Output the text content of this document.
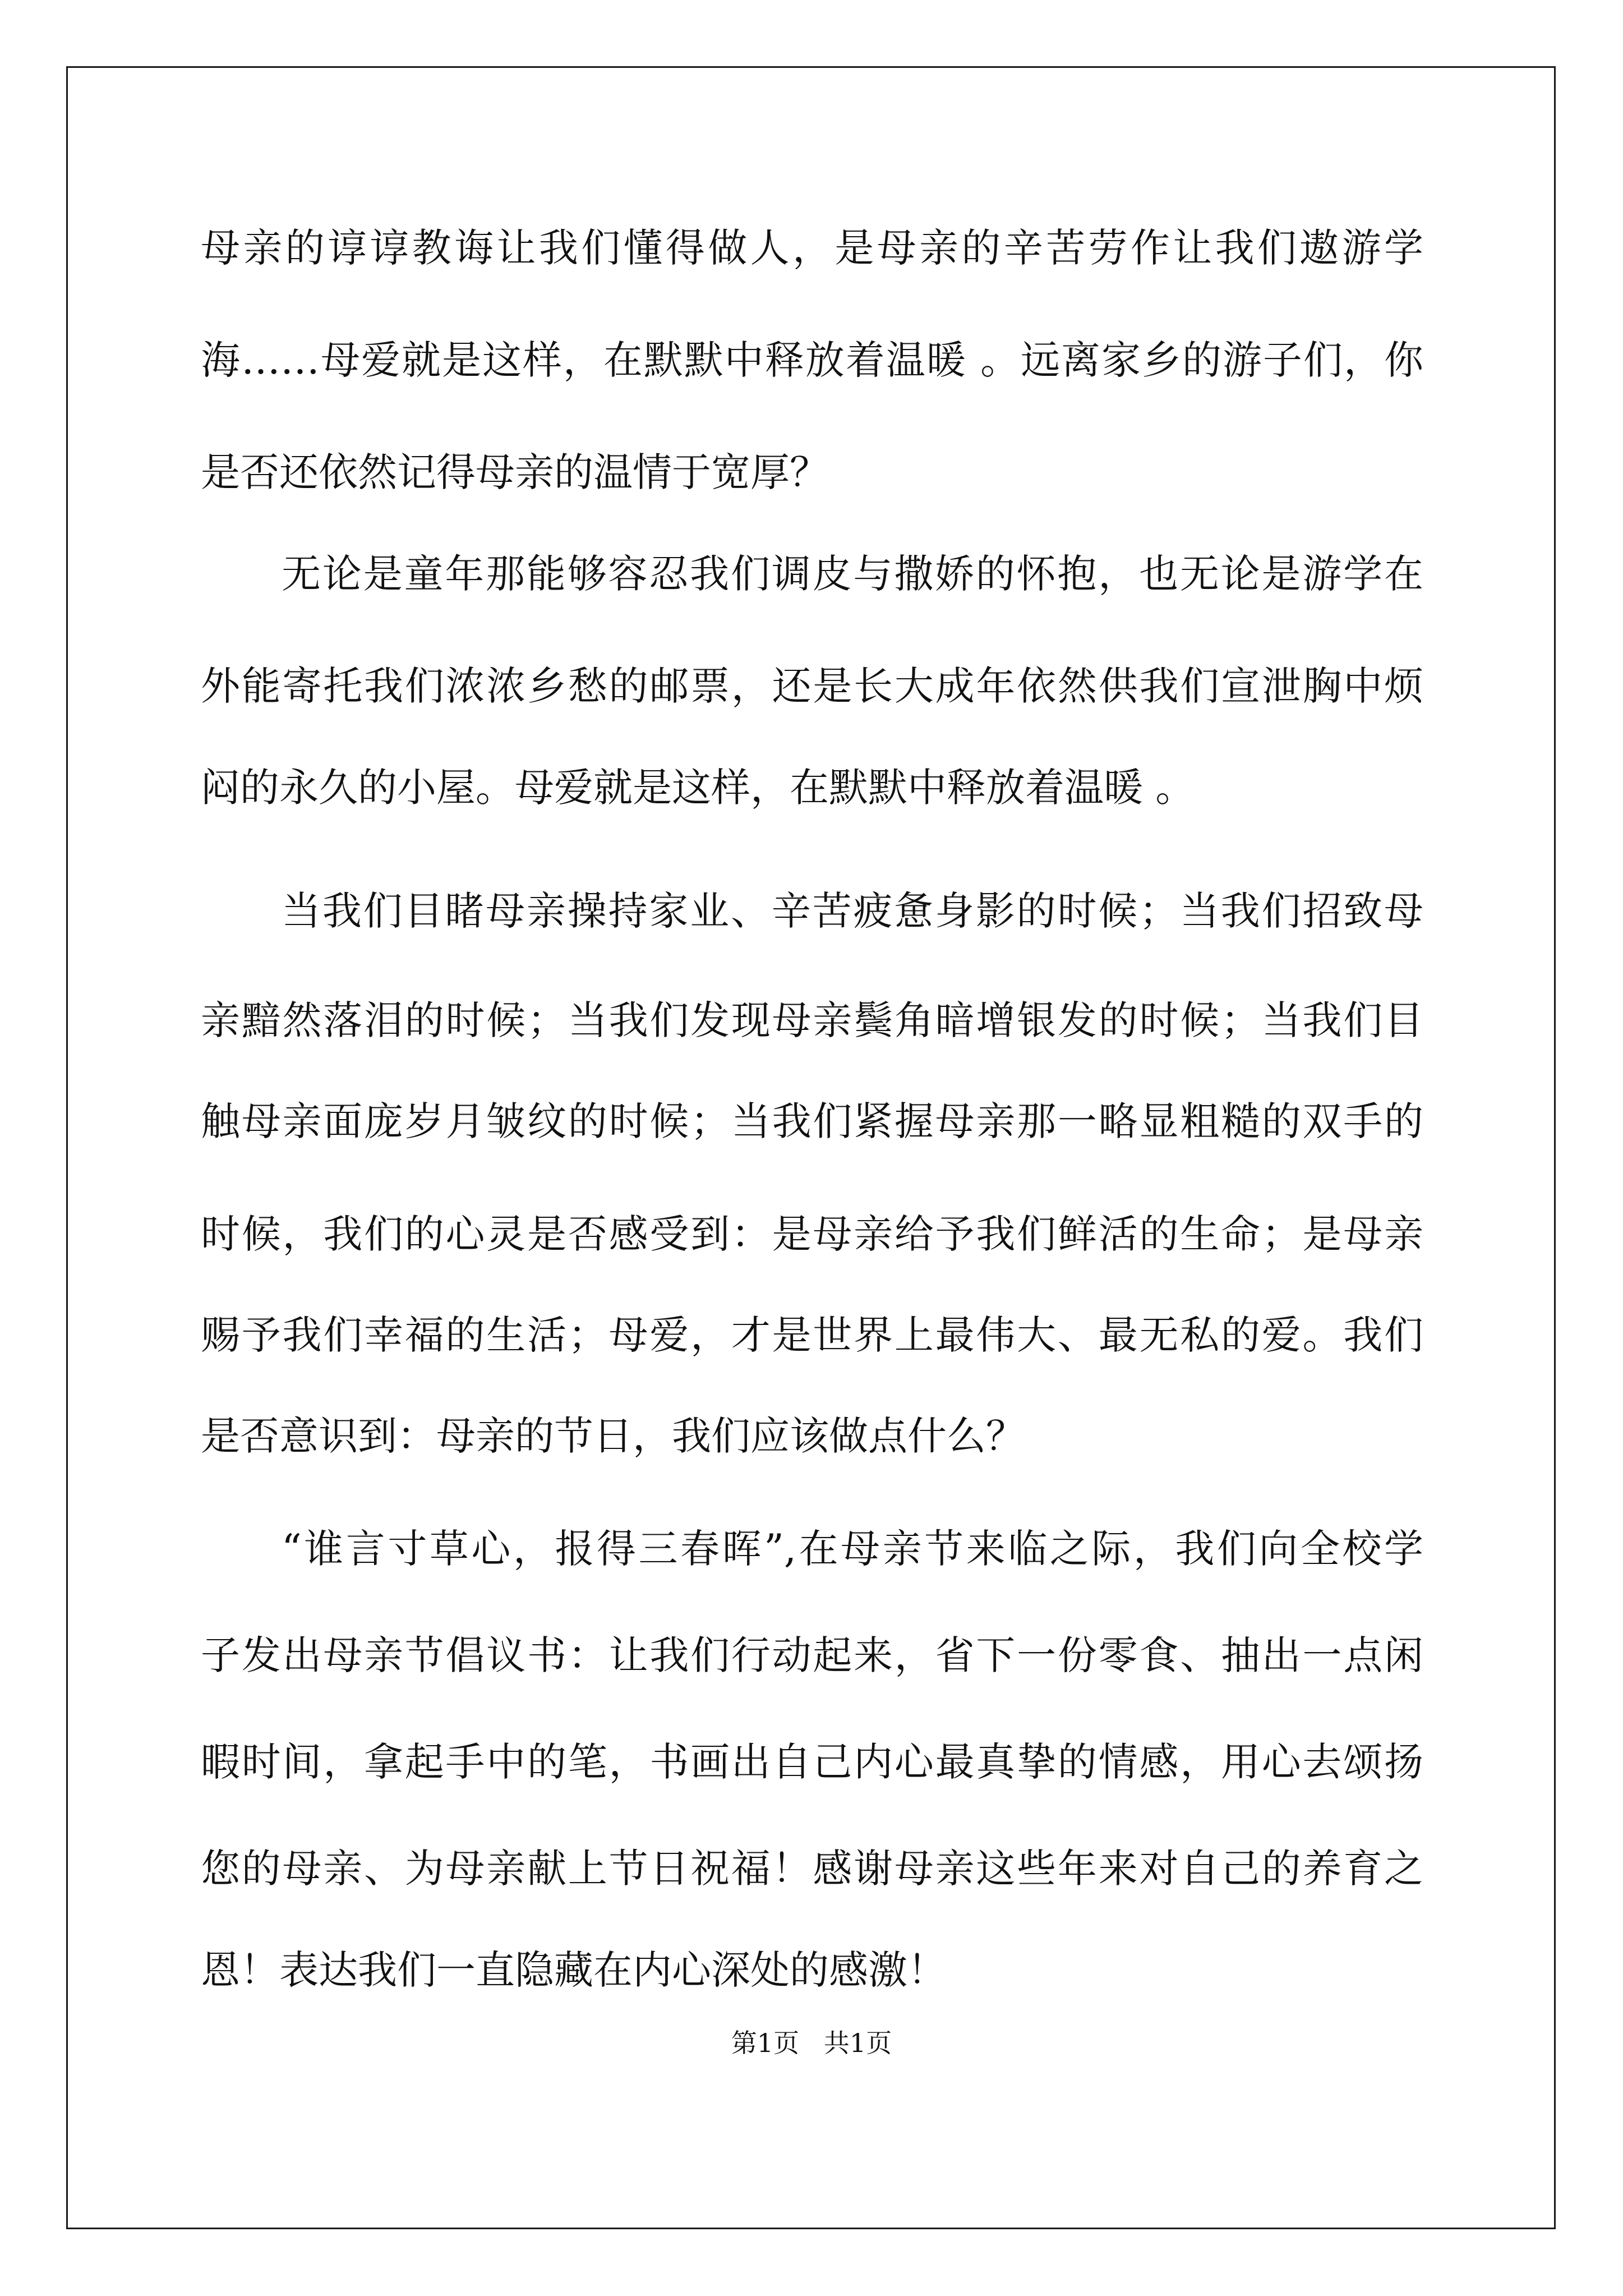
母亲的谆谆教诲让我们懂得做人，是母亲的辛苦劳作让我们遨游学
海……母爱就是这样，在默默中释放着温暖 。远离家乡的游子们，你
是否还依然记得母亲的温情于宽厚？
无论是童年那能够容忍我们调皮与撒娇的怀抱，也无论是游学在
外能寄托我们浓浓乡愁的邮票，还是长大成年依然供我们宣泄胸中烦
闷的永久的小屋。母爱就是这样，在默默中释放着温暖 。
当我们目睹母亲操持家业、辛苦疲惫身影的时候；当我们招致母
亲黯然落泪的时候；当我们发现母亲鬓角暗增银发的时候；当我们目
触母亲面庞岁月皱纹的时候；当我们紧握母亲那一略显粗糙的双手的
时候，我们的心灵是否感受到：是母亲给予我们鲜活的生命；是母亲
赐予我们幸福的生活；母爱，才是世界上最伟大、最无私的爱。我们
是否意识到：母亲的节日，我们应该做点什么？
“谁言寸草心，报得三春晖”,在母亲节来临之际，我们向全校学
子发出母亲节倡议书：让我们行动起来，省下一份零食、抽出一点闲
暇时间，拿起手中的笔，书画出自己内心最真挚的情感，用心去颂扬
您的母亲、为母亲献上节日祝福！感谢母亲这些年来对自己的养育之
恩！表达我们一直隐藏在内心深处的感激！
第1页   共1页
